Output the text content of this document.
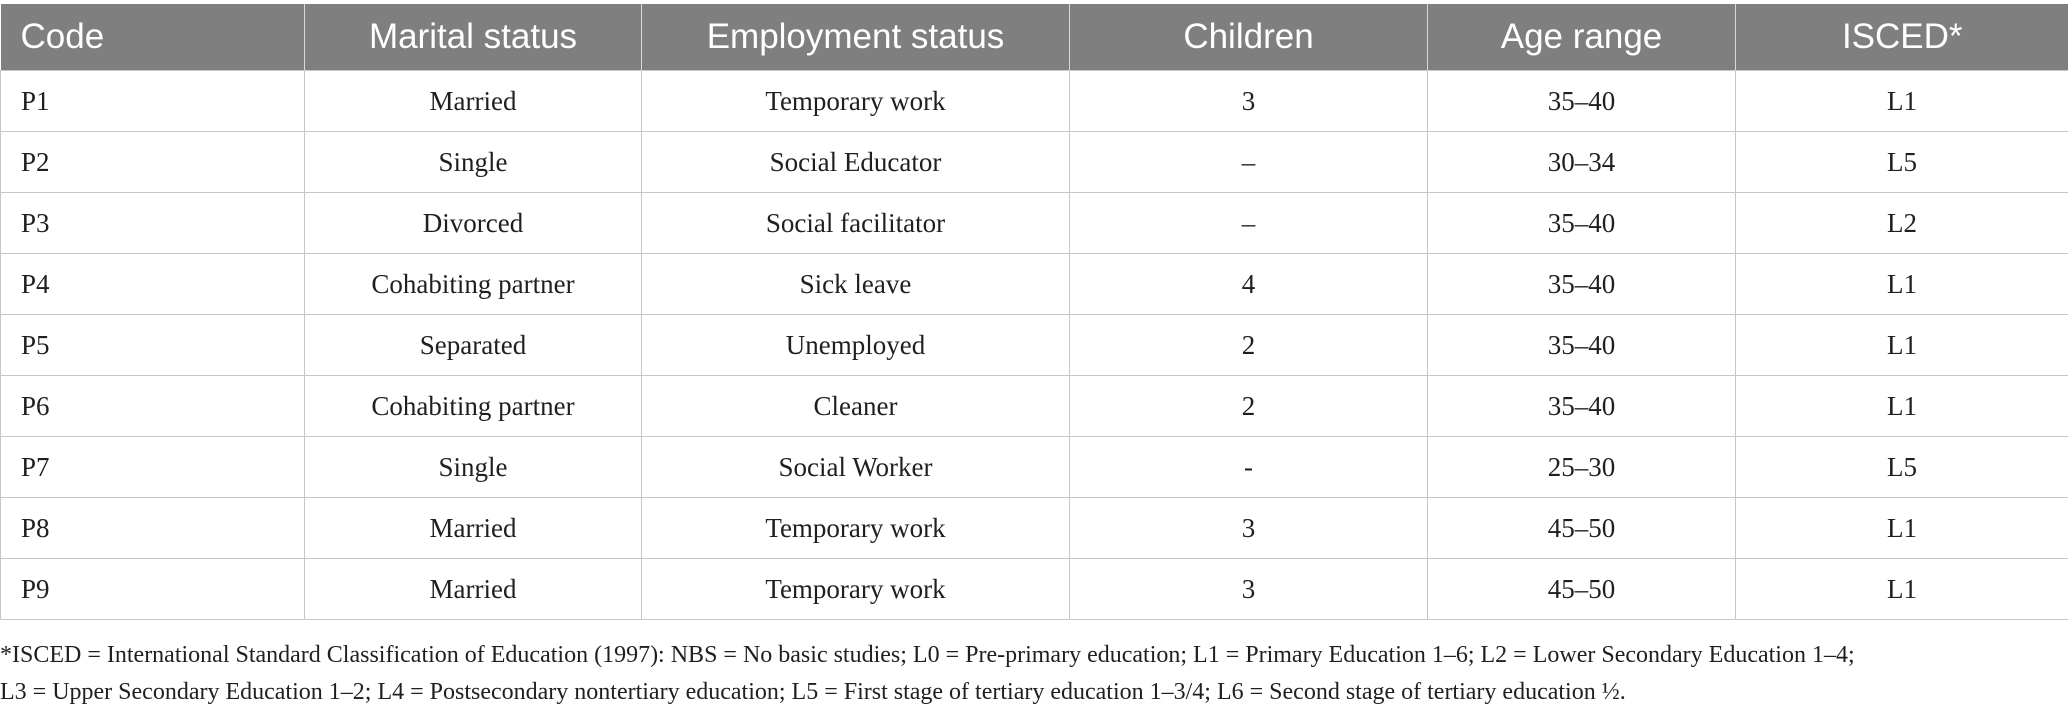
Code	Marital status	Employment status	Children	Age range	ISCED*
P1	Married	Temporary work	3	35–40	L1
P2	Single	Social Educator	–	30–34	L5
P3	Divorced	Social facilitator	–	35–40	L2
P4	Cohabiting partner	Sick leave	4	35–40	L1
P5	Separated	Unemployed	2	35–40	L1
P6	Cohabiting partner	Cleaner	2	35–40	L1
P7	Single	Social Worker	-	25–30	L5
P8	Married	Temporary work	3	45–50	L1
P9	Married	Temporary work	3	45–50	L1

*ISCED = International Standard Classification of Education (1997): NBS = No basic studies; L0 = Pre-primary education; L1 = Primary Education 1–6; L2 = Lower Secondary Education 1–4;
L3 = Upper Secondary Education 1–2; L4 = Postsecondary nontertiary education; L5 = First stage of tertiary education 1–3/4; L6 = Second stage of tertiary education ½.
